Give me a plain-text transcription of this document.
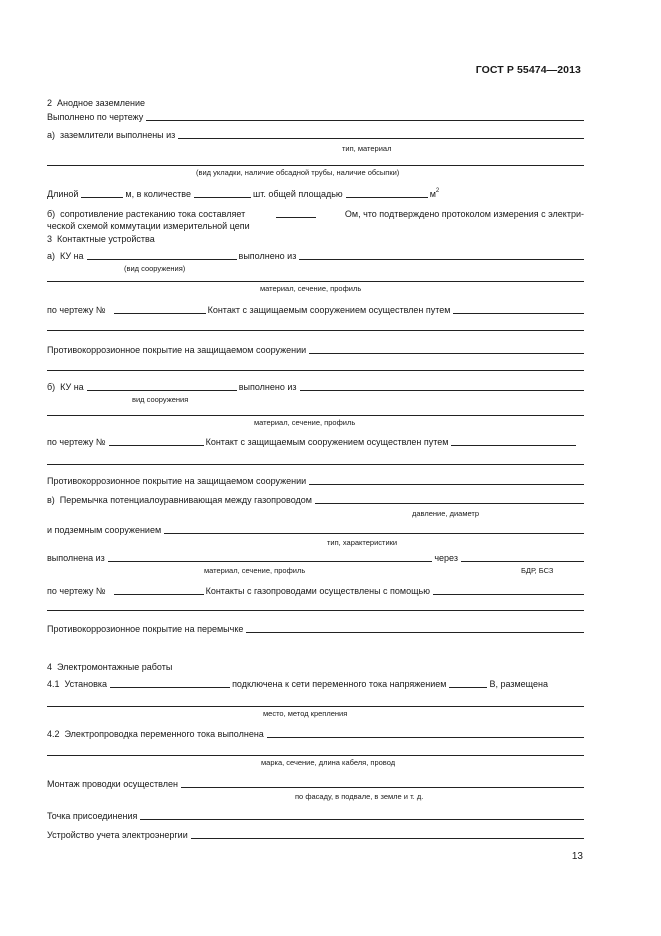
ГОСТ Р 55474—2013
2  Анодное заземление
Выполнено по чертежу
а)  заземлители выполнены из
тип, материал
(вид укладки, наличие обсадной трубы, наличие обсыпки)
Длиной	м, в количестве	шт. общей площадью	м 2
б)  сопротивление растеканию тока составляет	Ом, что подтверждено протоколом измерения с электри-
ческой схемой коммутации измерительной цепи
3  Контактные устройства
а)  КУ на	выполнено из
(вид сооружения)
материал, сечение, профиль
по чертежу №	Контакт с защищаемым сооружением осуществлен путем
Противокоррозионное покрытие на защищаемом сооружении
б)  КУ на	выполнено из
вид сооружения
материал, сечение, профиль
по чертежу №	Контакт с защищаемым сооружением осуществлен путем
Противокоррозионное покрытие на защищаемом сооружении
в)  Перемычка потенциалоуравнивающая между газопроводом
давление, диаметр
и подземным сооружением
тип, характеристики
выполнена из	через
материал, сечение, профиль	БДР, БСЗ
по чертежу №	Контакты с газопроводами осуществлены с помощью
Противокоррозионное покрытие на перемычке
4  Электромонтажные работы
4.1  Установка	подключена к сети переменного тока напряжением	В, размещена
место, метод крепления
4.2  Электропроводка переменного тока выполнена
марка, сечение, длина кабеля, провод
Монтаж проводки осуществлен
по фасаду, в подвале, в земле и т. д.
Точка присоединения
Устройство учета электроэнергии
13
